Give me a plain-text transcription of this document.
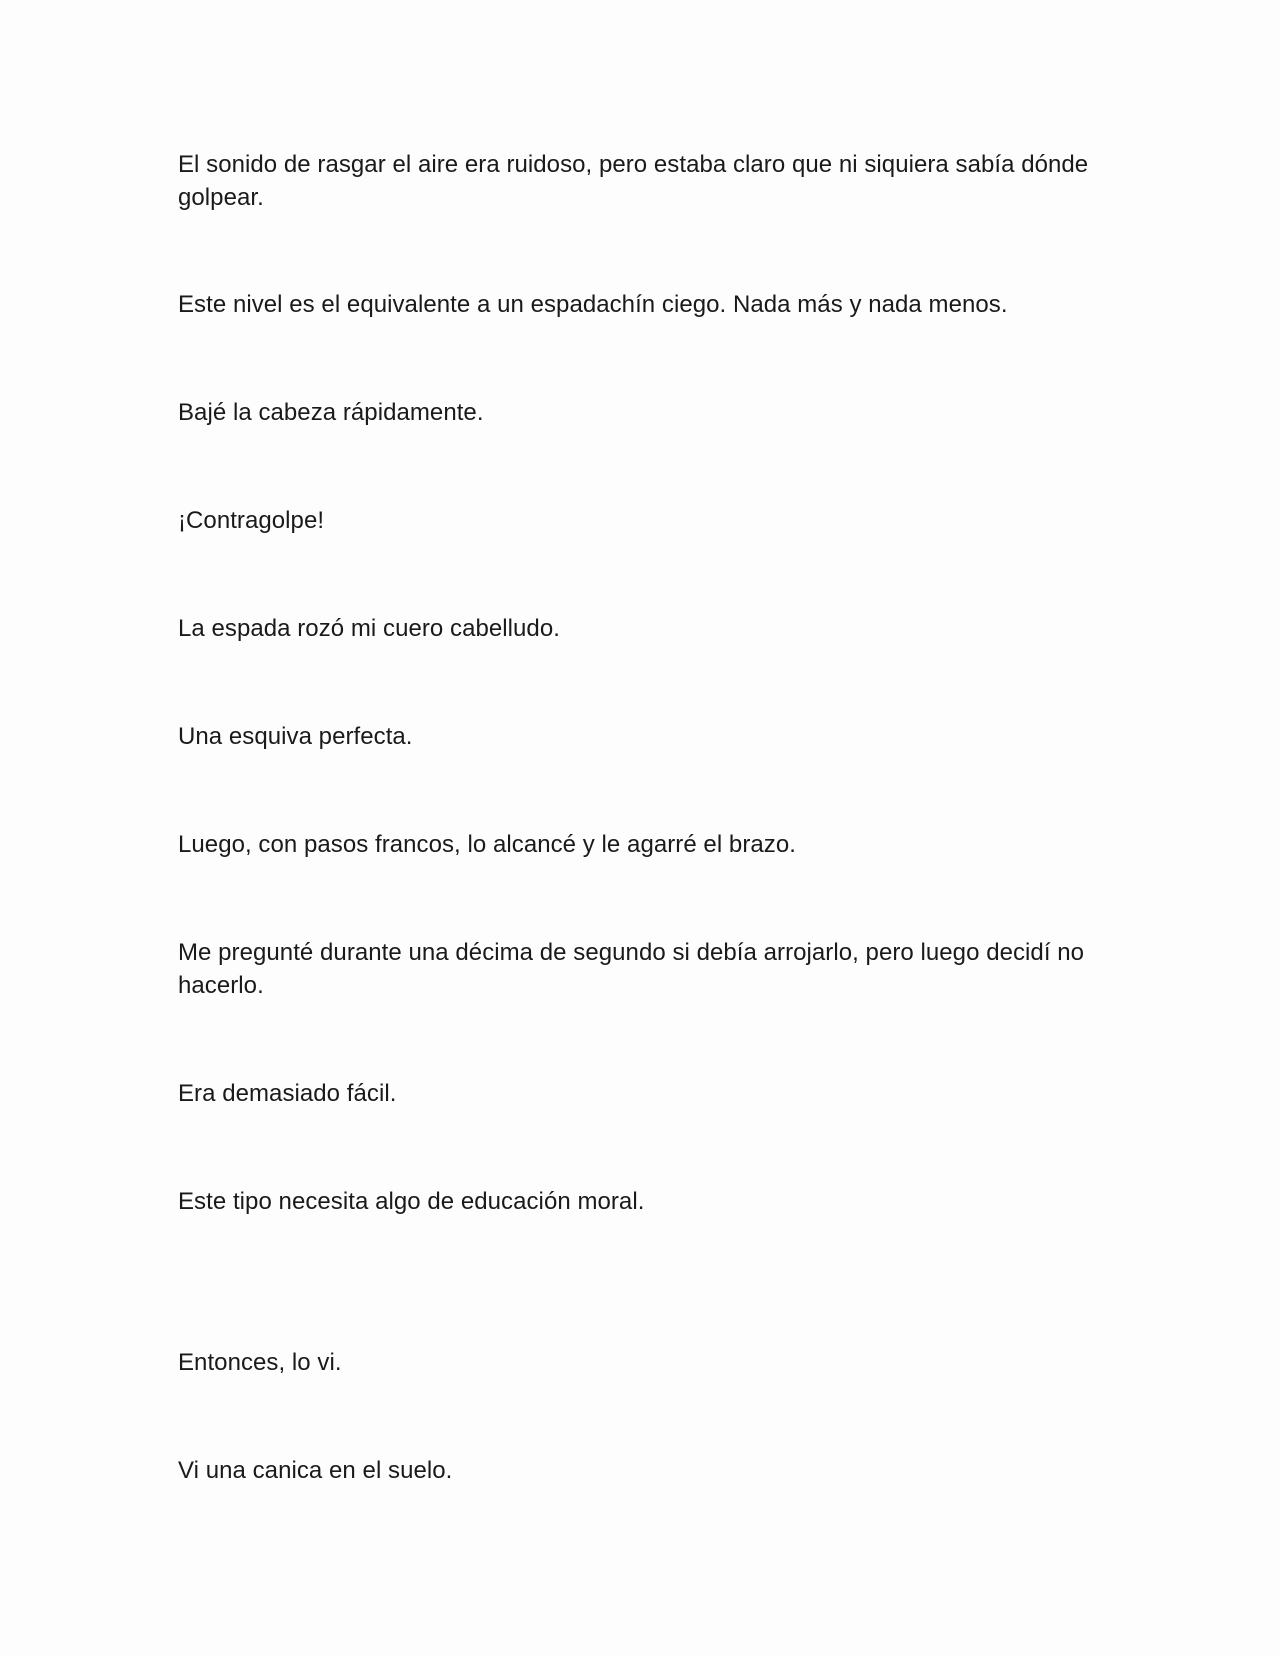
El sonido de rasgar el aire era ruidoso, pero estaba claro que ni siquiera sabía dónde golpear.

Este nivel es el equivalente a un espadachín ciego. Nada más y nada menos.

Bajé la cabeza rápidamente.

¡Contragolpe!

La espada rozó mi cuero cabelludo.

Una esquiva perfecta.

Luego, con pasos francos, lo alcancé y le agarré el brazo.

Me pregunté durante una décima de segundo si debía arrojarlo, pero luego decidí no hacerlo.

Era demasiado fácil.

Este tipo necesita algo de educación moral.

Entonces, lo vi.

Vi una canica en el suelo.
